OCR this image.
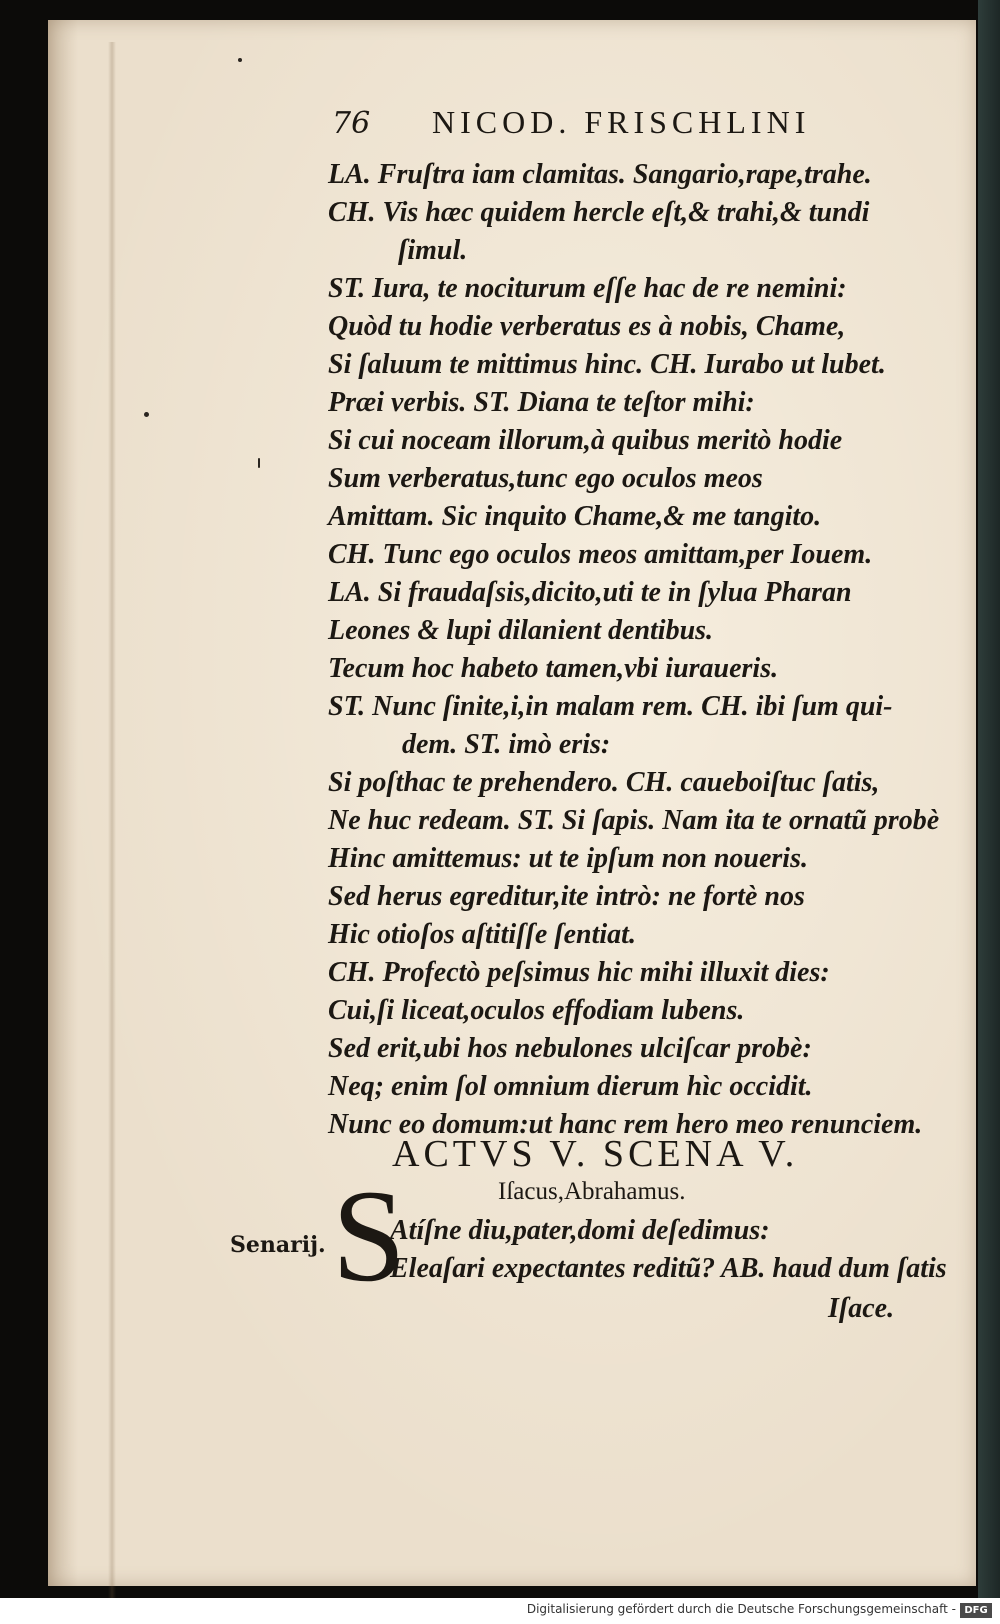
76 NICOD. FRISCHLINI
LA. Fruſtra iam clamitas. Sangario,rape,trahe.
CH. Vis hæc quidem hercle eſt,& trahi,& tundi
ſimul.
ST. Iura, te nociturum eſſe hac de re nemini:
Quòd tu hodie verberatus es à nobis, Chame,
Si ſaluum te mittimus hinc. CH. Iurabo ut lubet.
Præi verbis. ST. Diana te teſtor mihi:
Si cui noceam illorum,à quibus meritò hodie
Sum verberatus,tunc ego oculos meos
Amittam. Sic inquito Chame,& me tangito.
CH. Tunc ego oculos meos amittam,per Iouem.
LA. Si fraudaſsis,dicito,uti te in ſylua Pharan
Leones & lupi dilanient dentibus.
Tecum hoc habeto tamen,vbi iuraueris.
ST. Nunc ſinite,i,in malam rem. CH. ibi ſum qui-
dem. ST. imò eris:
Si poſthac te prehendero. CH. caueboiſtuc ſatis,
Ne huc redeam. ST. Si ſapis. Nam ita te ornatũ probè
Hinc amittemus: ut te ipſum non noueris.
Sed herus egreditur,ite intrò: ne fortè nos
Hic otioſos aſtitiſſe ſentiat.
CH. Profectò peſsimus hic mihi illuxit dies:
Cui,ſi liceat,oculos effodiam lubens.
Sed erit,ubi hos nebulones ulciſcar probè:
Neq; enim ſol omnium dierum hìc occidit.
Nunc eo domum:ut hanc rem hero meo renunciem.
ACTVS V. SCENA V.
Iſacus,Abrahamus.
Senarij. S
Atíſne diu,pater,domi deſedimus:
Eleaſari expectantes reditũ? AB. haud dum ſatis
Iſace.
Digitalisierung gefördert durch die Deutsche Forschungsgemeinschaft - DFG
